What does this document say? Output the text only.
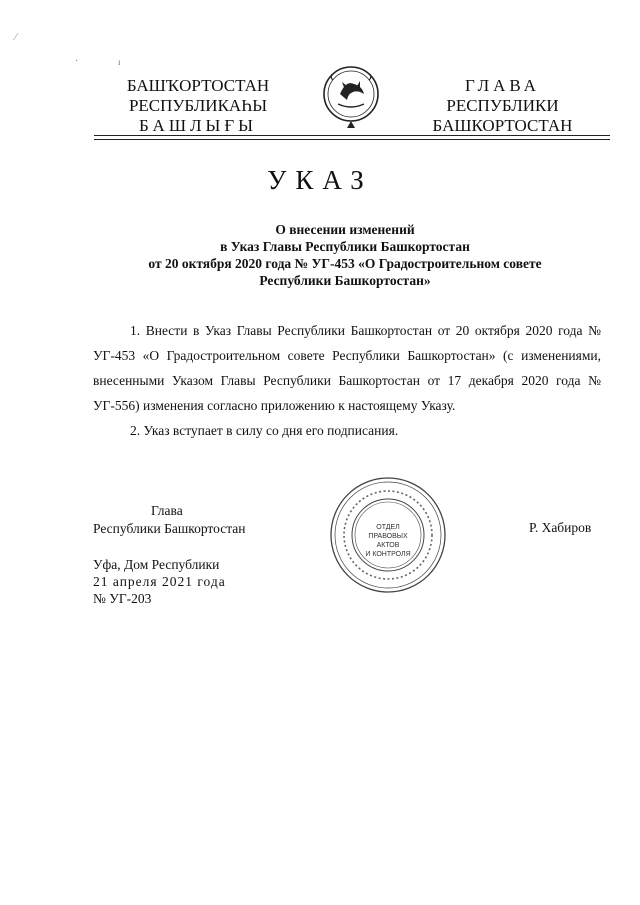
⁄
·	ı
БАШҠОРТОСТАН
РЕСПУБЛИКАҺЫ
БАШЛЫҒЫ
ГЛАВА
РЕСПУБЛИКИ
БАШКОРТОСТАН
УКАЗ
О внесении изменений
в Указ Главы Республики Башкортостан
от 20 октября 2020 года № УГ-453 «О Градостроительном совете
Республики Башкортостан»

1. Внести в Указ Главы Республики Башкортостан от 20 октября 2020 года № УГ-453 «О Градостроительном совете Республики Башкортостан» (с изменениями, внесенными Указом Главы Республики Башкортостан от 17 декабря 2020 года № УГ-556) изменения согласно приложению к настоящему Указу.

2. Указ вступает в силу со дня его подписания.

Глава
Республики Башкортостан	ОТДЕЛ
ПРАВОВЫХ АКТОВ
И КОНТРОЛЯ
Р. Хабиров
Уфа, Дом Республики
21 апреля 2021 года
№ УГ-203
